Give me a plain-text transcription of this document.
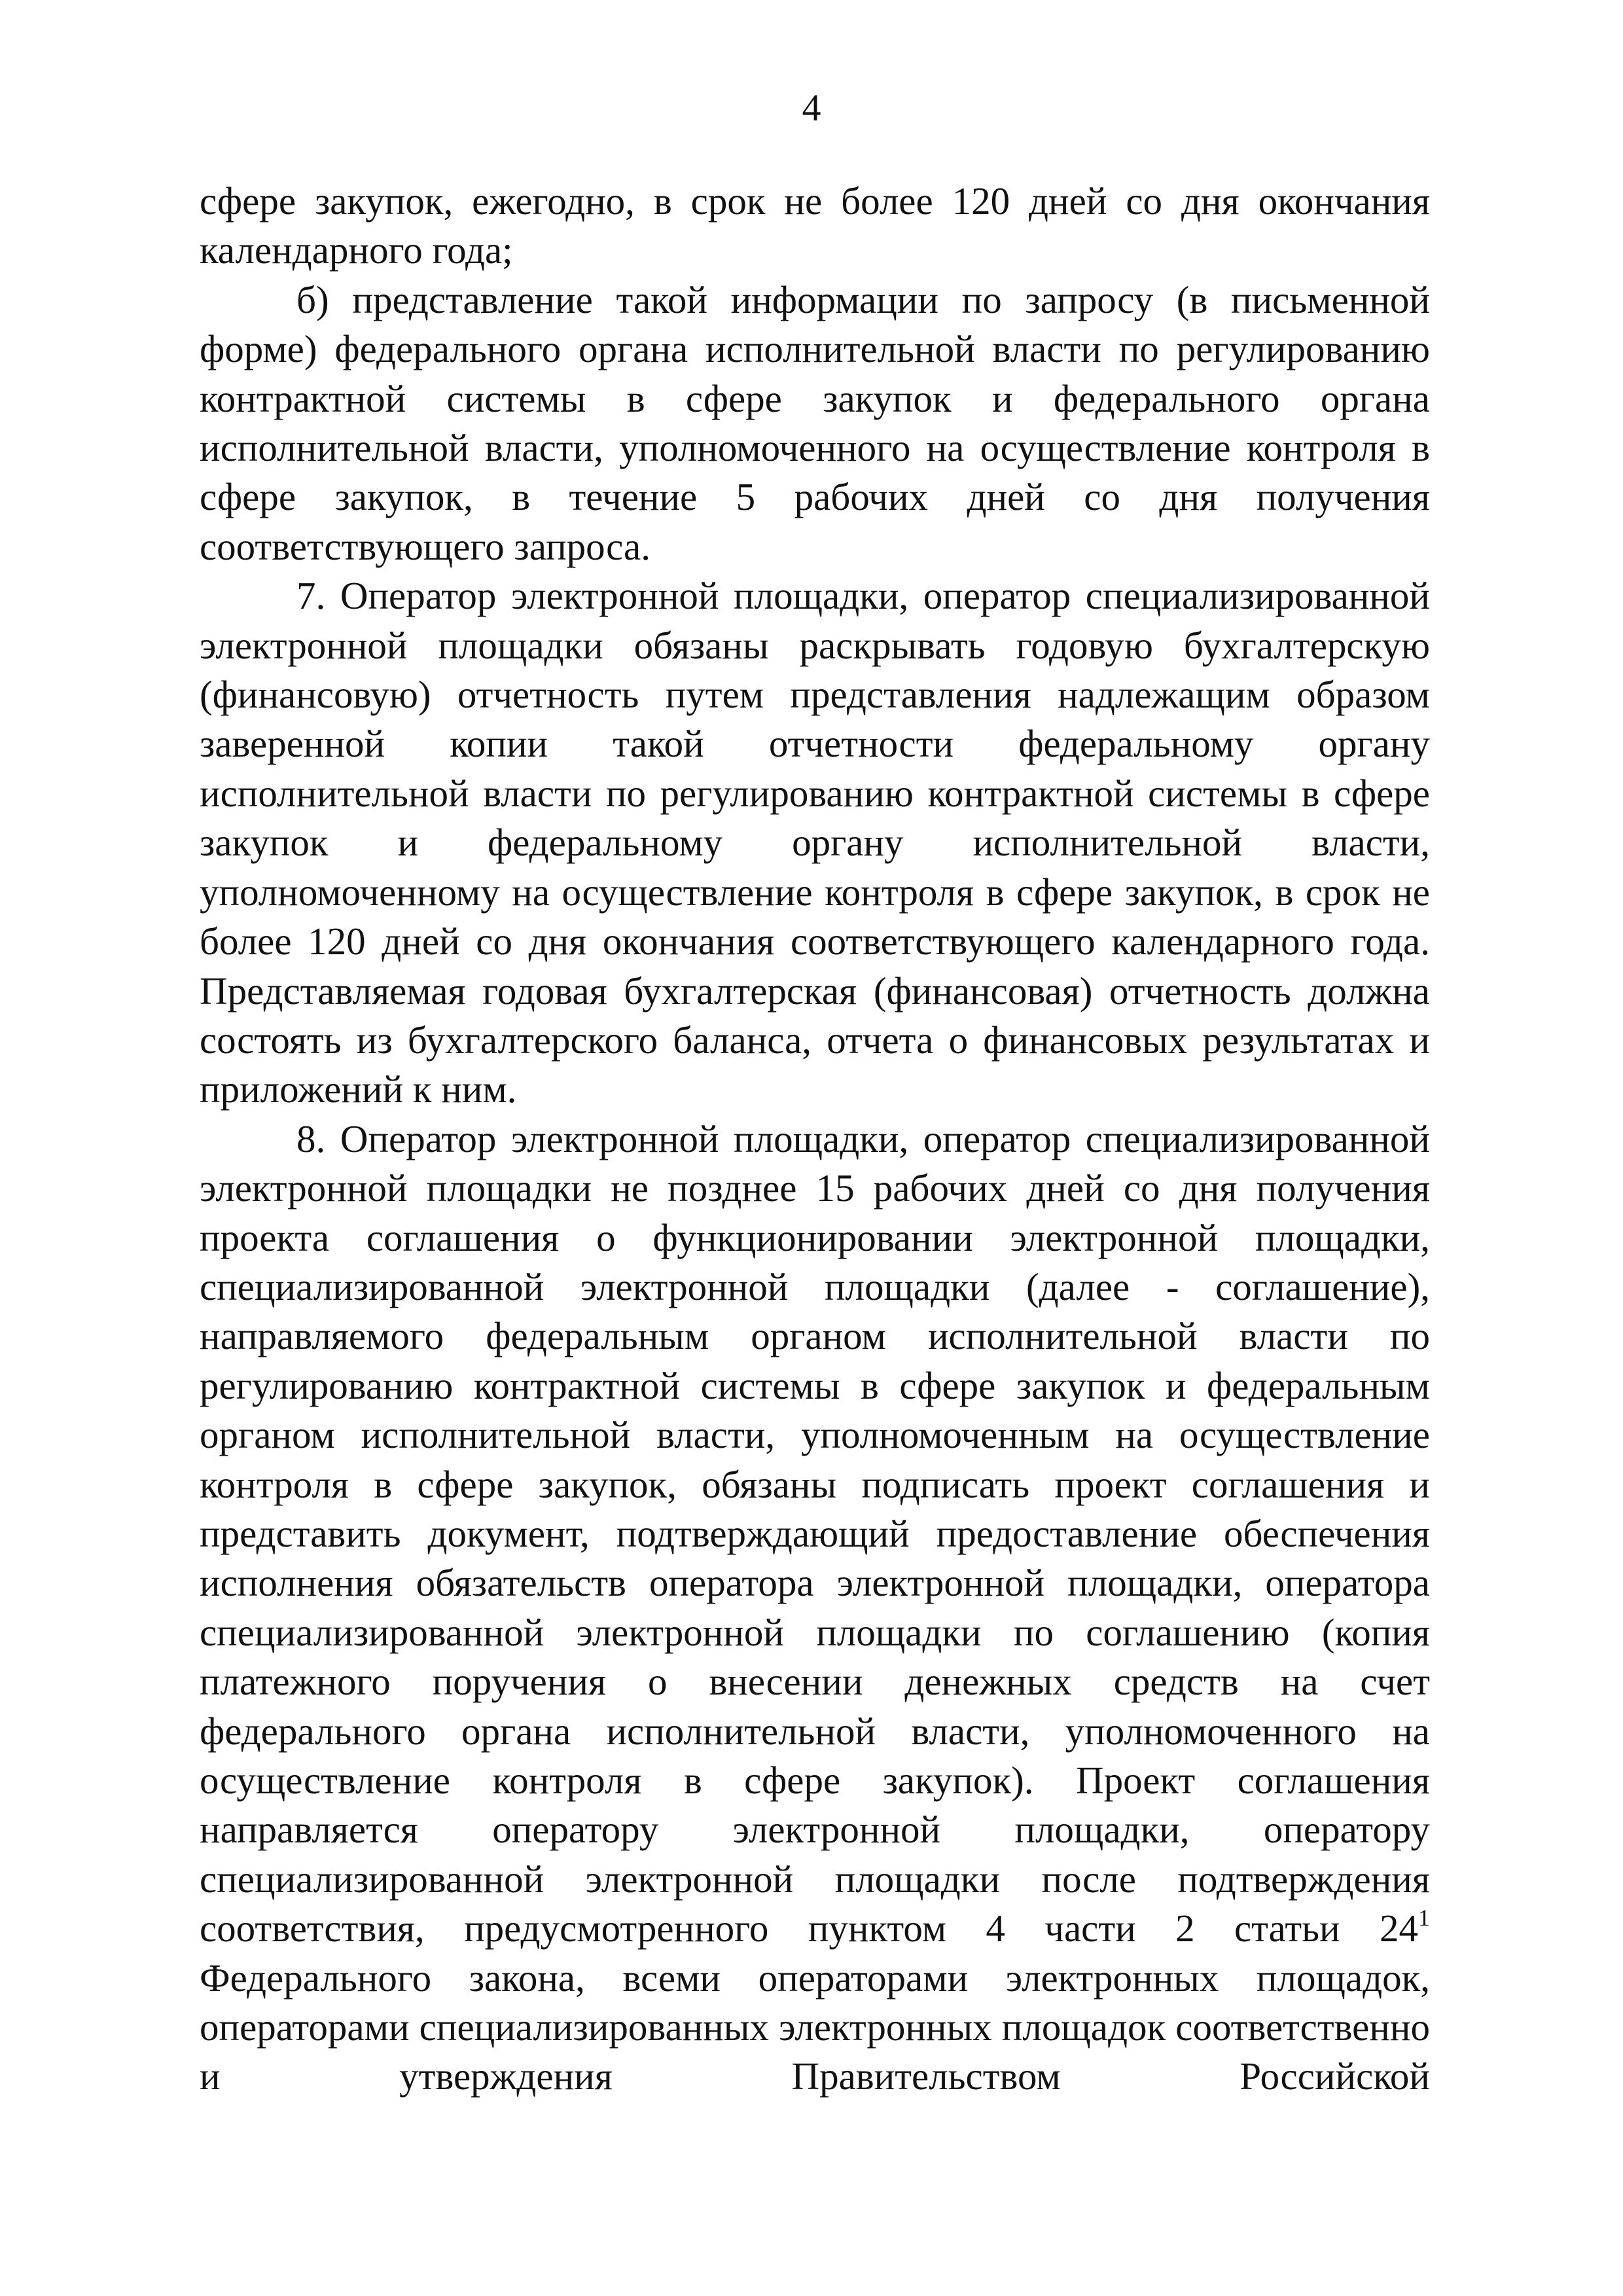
4

сфере закупок, ежегодно, в срок не более 120 дней со дня окончания календарного года;

б) представление такой информации по запросу (в письменной форме) федерального органа исполнительной власти по регулированию контрактной системы в сфере закупок и федерального органа исполнительной власти, уполномоченного на осуществление контроля в сфере закупок, в течение 5 рабочих дней со дня получения соответствующего запроса.

7. Оператор электронной площадки, оператор специализированной электронной площадки обязаны раскрывать годовую бухгалтерскую (финансовую) отчетность путем представления надлежащим образом заверенной копии такой отчетности федеральному органу исполнительной власти по регулированию контрактной системы в сфере закупок и федеральному органу исполнительной власти, уполномоченному на осуществление контроля в сфере закупок, в срок не более 120 дней со дня окончания соответствующего календарного года. Представляемая годовая бухгалтерская (финансовая) отчетность должна состоять из бухгалтерского баланса, отчета о финансовых результатах и приложений к ним.

8. Оператор электронной площадки, оператор специализированной электронной площадки не позднее 15 рабочих дней со дня получения проекта соглашения о функционировании электронной площадки, специализированной электронной площадки (далее - соглашение), направляемого федеральным органом исполнительной власти по регулированию контрактной системы в сфере закупок и федеральным органом исполнительной власти, уполномоченным на осуществление контроля в сфере закупок, обязаны подписать проект соглашения и представить документ, подтверждающий предоставление обеспечения исполнения обязательств оператора электронной площадки, оператора специализированной электронной площадки по соглашению (копия платежного поручения о внесении денежных средств на счет федерального органа исполнительной власти, уполномоченного на осуществление контроля в сфере закупок). Проект соглашения направляется оператору электронной площадки, оператору специализированной электронной площадки после подтверждения соответствия, предусмотренного пунктом 4 части 2 статьи $24^1$ Федерального закона, всеми операторами электронных площадок, операторами специализированных электронных площадок соответственно и утверждения Правительством Российской
